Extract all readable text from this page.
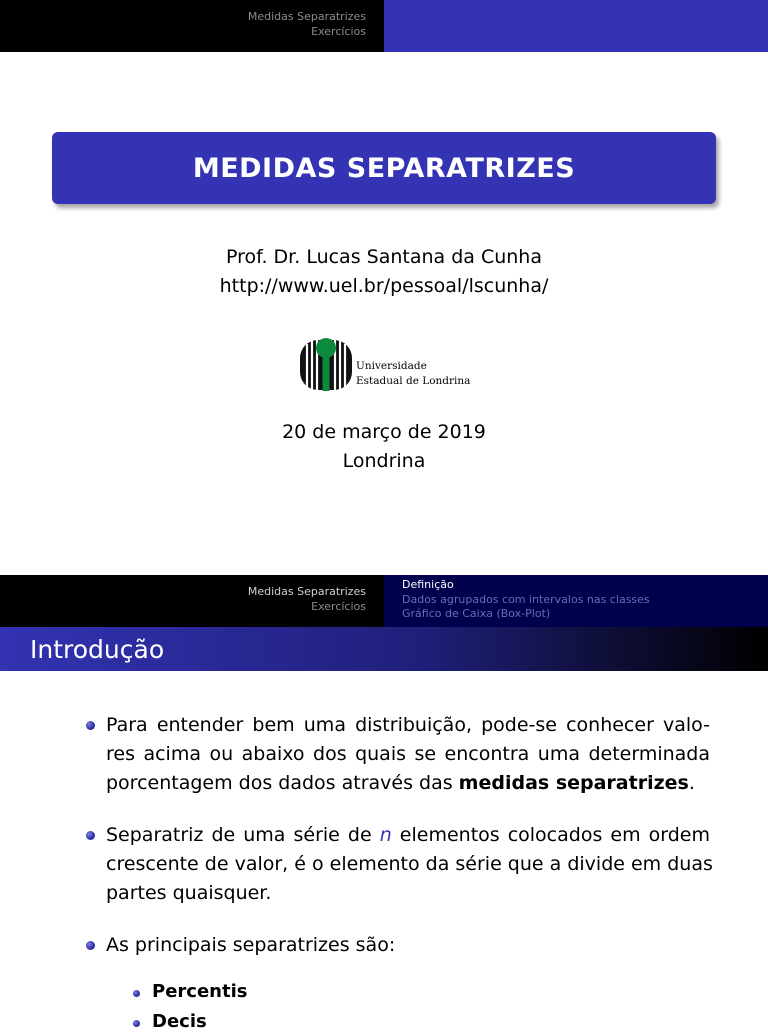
Medidas Separatrizes
Exercícios
MEDIDAS SEPARATRIZES
Prof. Dr. Lucas Santana da Cunha
http://www.uel.br/pessoal/lscunha/
Universidade
Estadual de Londrina
20 de março de 2019
Londrina
Medidas Separatrizes
Exercícios
Definição
Dados agrupados com intervalos nas classes
Gráfico de Caixa (Box-Plot)
Introdução
Para entender bem uma distribuição, pode-se conhecer valo-
res acima ou abaixo dos quais se encontra uma determinada
porcentagem dos dados através das medidas separatrizes.
Separatriz de uma série de n elementos colocados em ordem
crescente de valor, é o elemento da série que a divide em duas
partes quaisquer.
As principais separatrizes são:
Percentis
Decis
